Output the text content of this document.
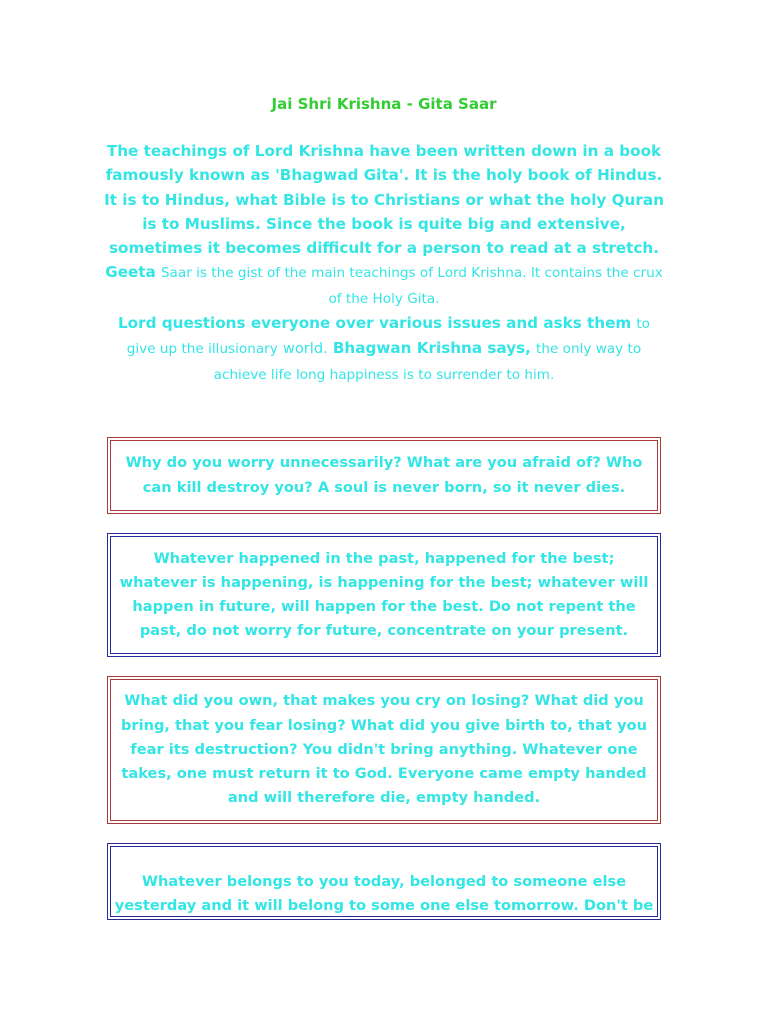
Jai Shri Krishna - Gita Saar
The teachings of Lord Krishna have been written down in a book famously known as 'Bhagwad Gita'. It is the holy book of Hindus. It is to Hindus, what Bible is to Christians or what the holy Quran is to Muslims. Since the book is quite big and extensive, sometimes it becomes difficult for a person to read at a stretch. Geeta Saar is the gist of the main teachings of Lord Krishna. It contains the crux of the Holy Gita.
Lord questions everyone over various issues and asks them to give up the illusionary world. Bhagwan Krishna says, the only way to achieve life long happiness is to surrender to him.

Why do you worry unnecessarily? What are you afraid of? Who can kill destroy you? A soul is never born, so it never dies.

Whatever happened in the past, happened for the best; whatever is happening, is happening for the best; whatever will happen in future, will happen for the best. Do not repent the past, do not worry for future, concentrate on your present.

What did you own, that makes you cry on losing? What did you bring, that you fear losing? What did you give birth to, that you fear its destruction? You didn't bring anything. Whatever one takes, one must return it to God. Everyone came empty handed and will therefore die, empty handed.

Whatever belongs to you today, belonged to someone else yesterday and it will belong to some one else tomorrow. Don't be
